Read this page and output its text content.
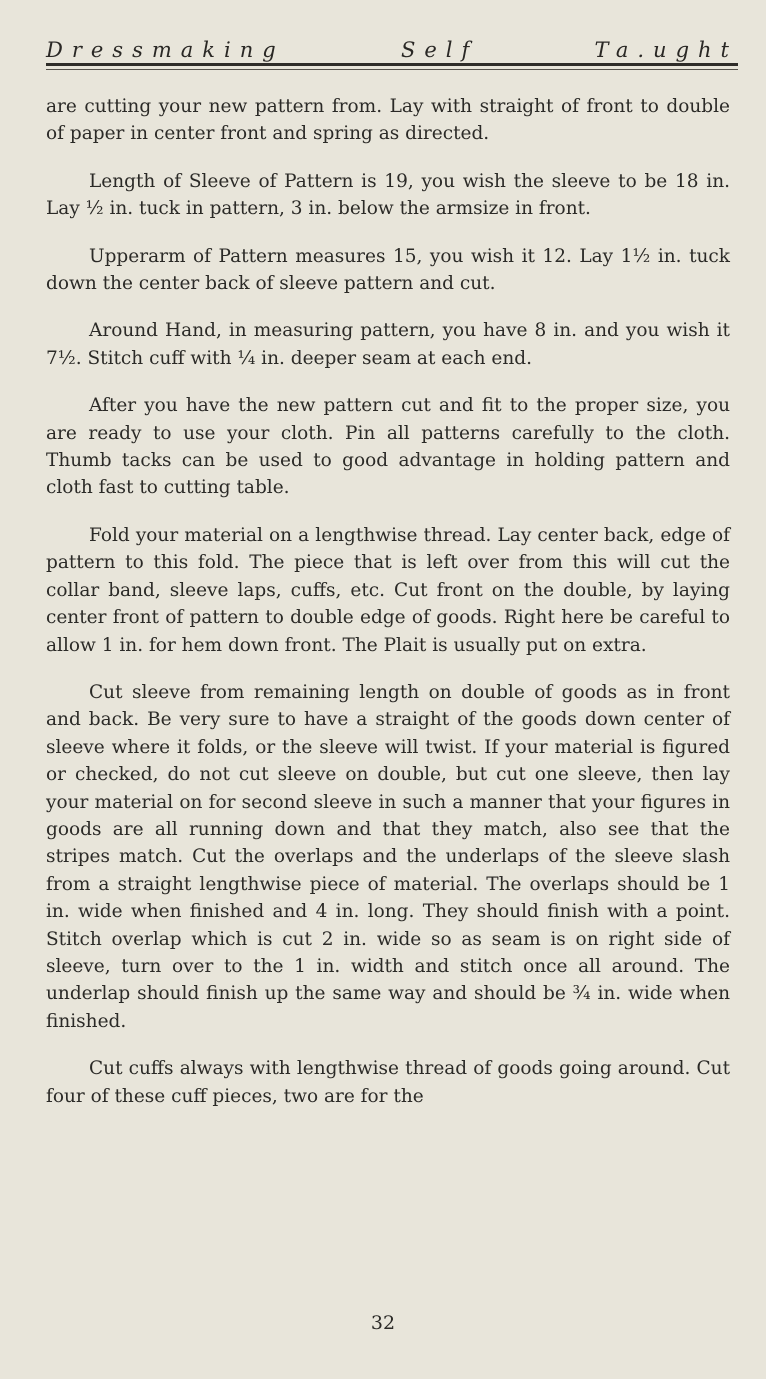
Dressmaking	Self	Ta.ught

are cutting your new pattern from. Lay with straight of front to double of paper in center front and spring as directed.

Length of Sleeve of Pattern is 19, you wish the sleeve to be 18 in. Lay ½ in. tuck in pattern, 3 in. below the armsize in front.

Upperarm of Pattern measures 15, you wish it 12. Lay 1½ in. tuck down the center back of sleeve pattern and cut.

Around Hand, in measuring pattern, you have 8 in. and you wish it 7½. Stitch cuff with ¼ in. deeper seam at each end.

After you have the new pattern cut and fit to the proper size, you are ready to use your cloth. Pin all patterns carefully to the cloth. Thumb tacks can be used to good advantage in holding pattern and cloth fast to cutting table.

Fold your material on a lengthwise thread. Lay center back, edge of pattern to this fold. The piece that is left over from this will cut the collar band, sleeve laps, cuffs, etc. Cut front on the double, by laying center front of pattern to double edge of goods. Right here be careful to allow 1 in. for hem down front. The Plait is usually put on extra.

Cut sleeve from remaining length on double of goods as in front and back. Be very sure to have a straight of the goods down center of sleeve where it folds, or the sleeve will twist. If your material is figured or checked, do not cut sleeve on double, but cut one sleeve, then lay your material on for second sleeve in such a manner that your figures in goods are all running down and that they match, also see that the stripes match. Cut the overlaps and the underlaps of the sleeve slash from a straight lengthwise piece of material. The overlaps should be 1 in. wide when finished and 4 in. long. They should finish with a point. Stitch overlap which is cut 2 in. wide so as seam is on right side of sleeve, turn over to the 1 in. width and stitch once all around. The underlap should finish up the same way and should be ¾ in. wide when finished.

Cut cuffs always with lengthwise thread of goods going around. Cut four of these cuff pieces, two are for the

32
